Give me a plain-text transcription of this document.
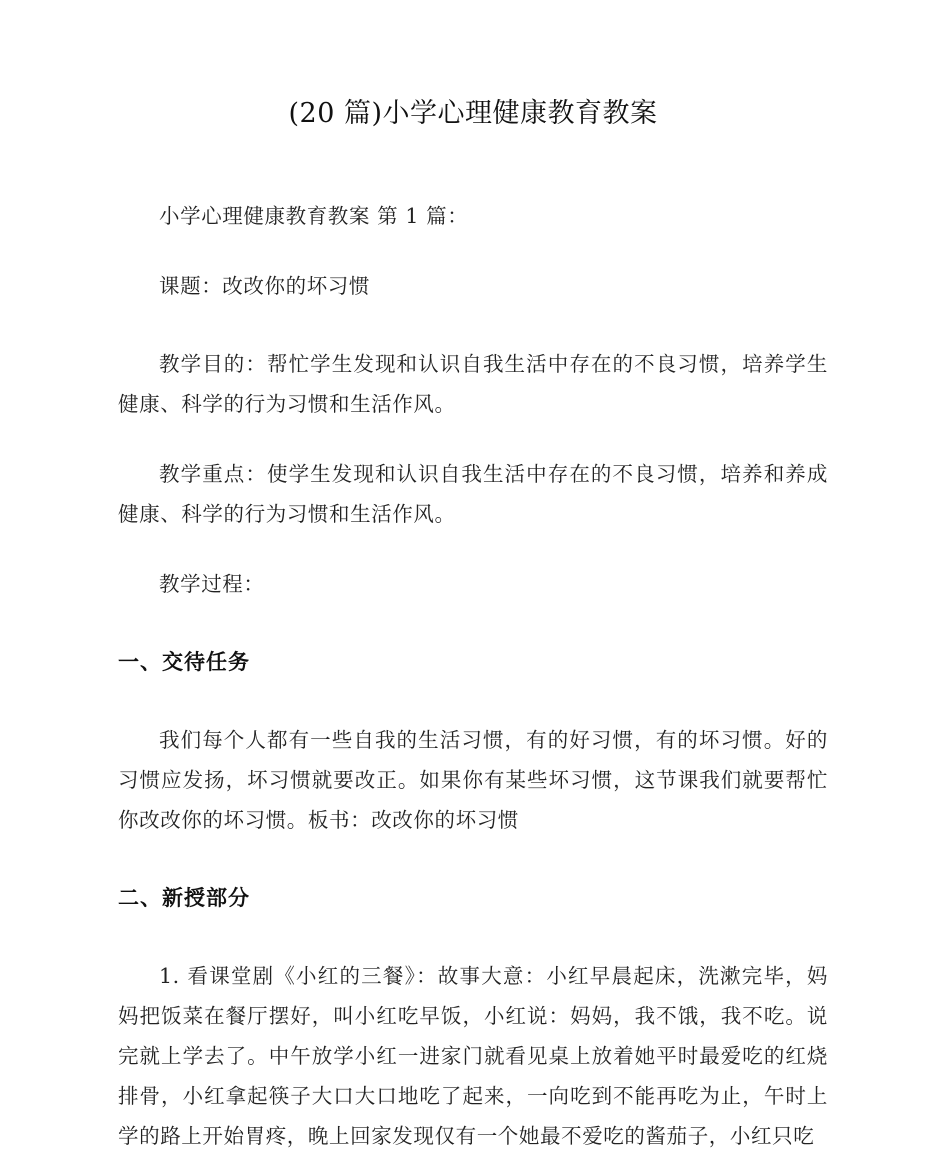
(20 篇)小学心理健康教育教案

小学心理健康教育教案 第 1 篇：

课题：改改你的坏习惯

教学目的：帮忙学生发现和认识自我生活中存在的不良习惯，培养学生健康、科学的行为习惯和生活作风。

教学重点：使学生发现和认识自我生活中存在的不良习惯，培养和养成健康、科学的行为习惯和生活作风。

教学过程：

一、交待任务

我们每个人都有一些自我的生活习惯，有的好习惯，有的坏习惯。好的习惯应发扬，坏习惯就要改正。如果你有某些坏习惯，这节课我们就要帮忙你改改你的坏习惯。板书：改改你的坏习惯

二、新授部分

1. 看课堂剧《小红的三餐》：故事大意：小红早晨起床，洗漱完毕，妈妈把饭菜在餐厅摆好，叫小红吃早饭，小红说：妈妈，我不饿，我不吃。说完就上学去了。中午放学小红一进家门就看见桌上放着她平时最爱吃的红烧排骨，小红拿起筷子大口大口地吃了起来，一向吃到不能再吃为止，午时上学的路上开始胃疼，晚上回家发现仅有一个她最不爱吃的酱茄子，小红只吃
